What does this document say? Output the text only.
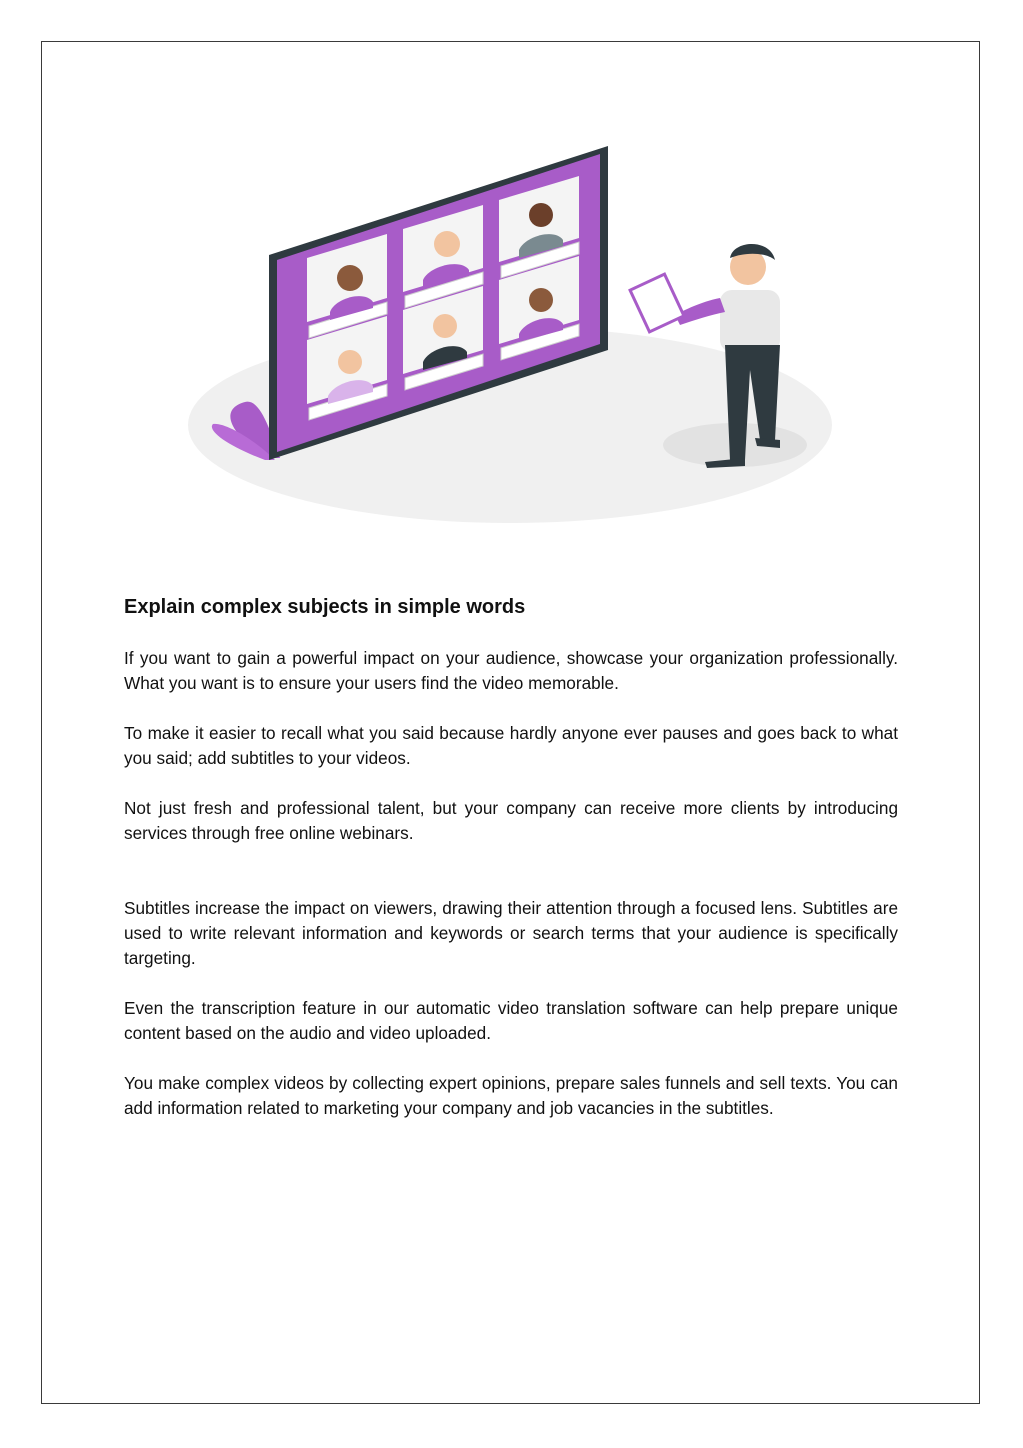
Explain complex subjects in simple words

If you want to gain a powerful impact on your audience, showcase your organization professionally. What you want is to ensure your users find the video memorable.

To make it easier to recall what you said because hardly anyone ever pauses and goes back to what you said; add subtitles to your videos.

Not just fresh and professional talent, but your company can receive more clients by introducing services through free online webinars.

Subtitles increase the impact on viewers, drawing their attention through a focused lens. Subtitles are used to write relevant information and keywords or search terms that your audience is specifically targeting.

Even the transcription feature in our automatic video translation software can help prepare unique content based on the audio and video uploaded.

You make complex videos by collecting expert opinions, prepare sales funnels and sell texts. You can add information related to marketing your company and job vacancies in the subtitles.
